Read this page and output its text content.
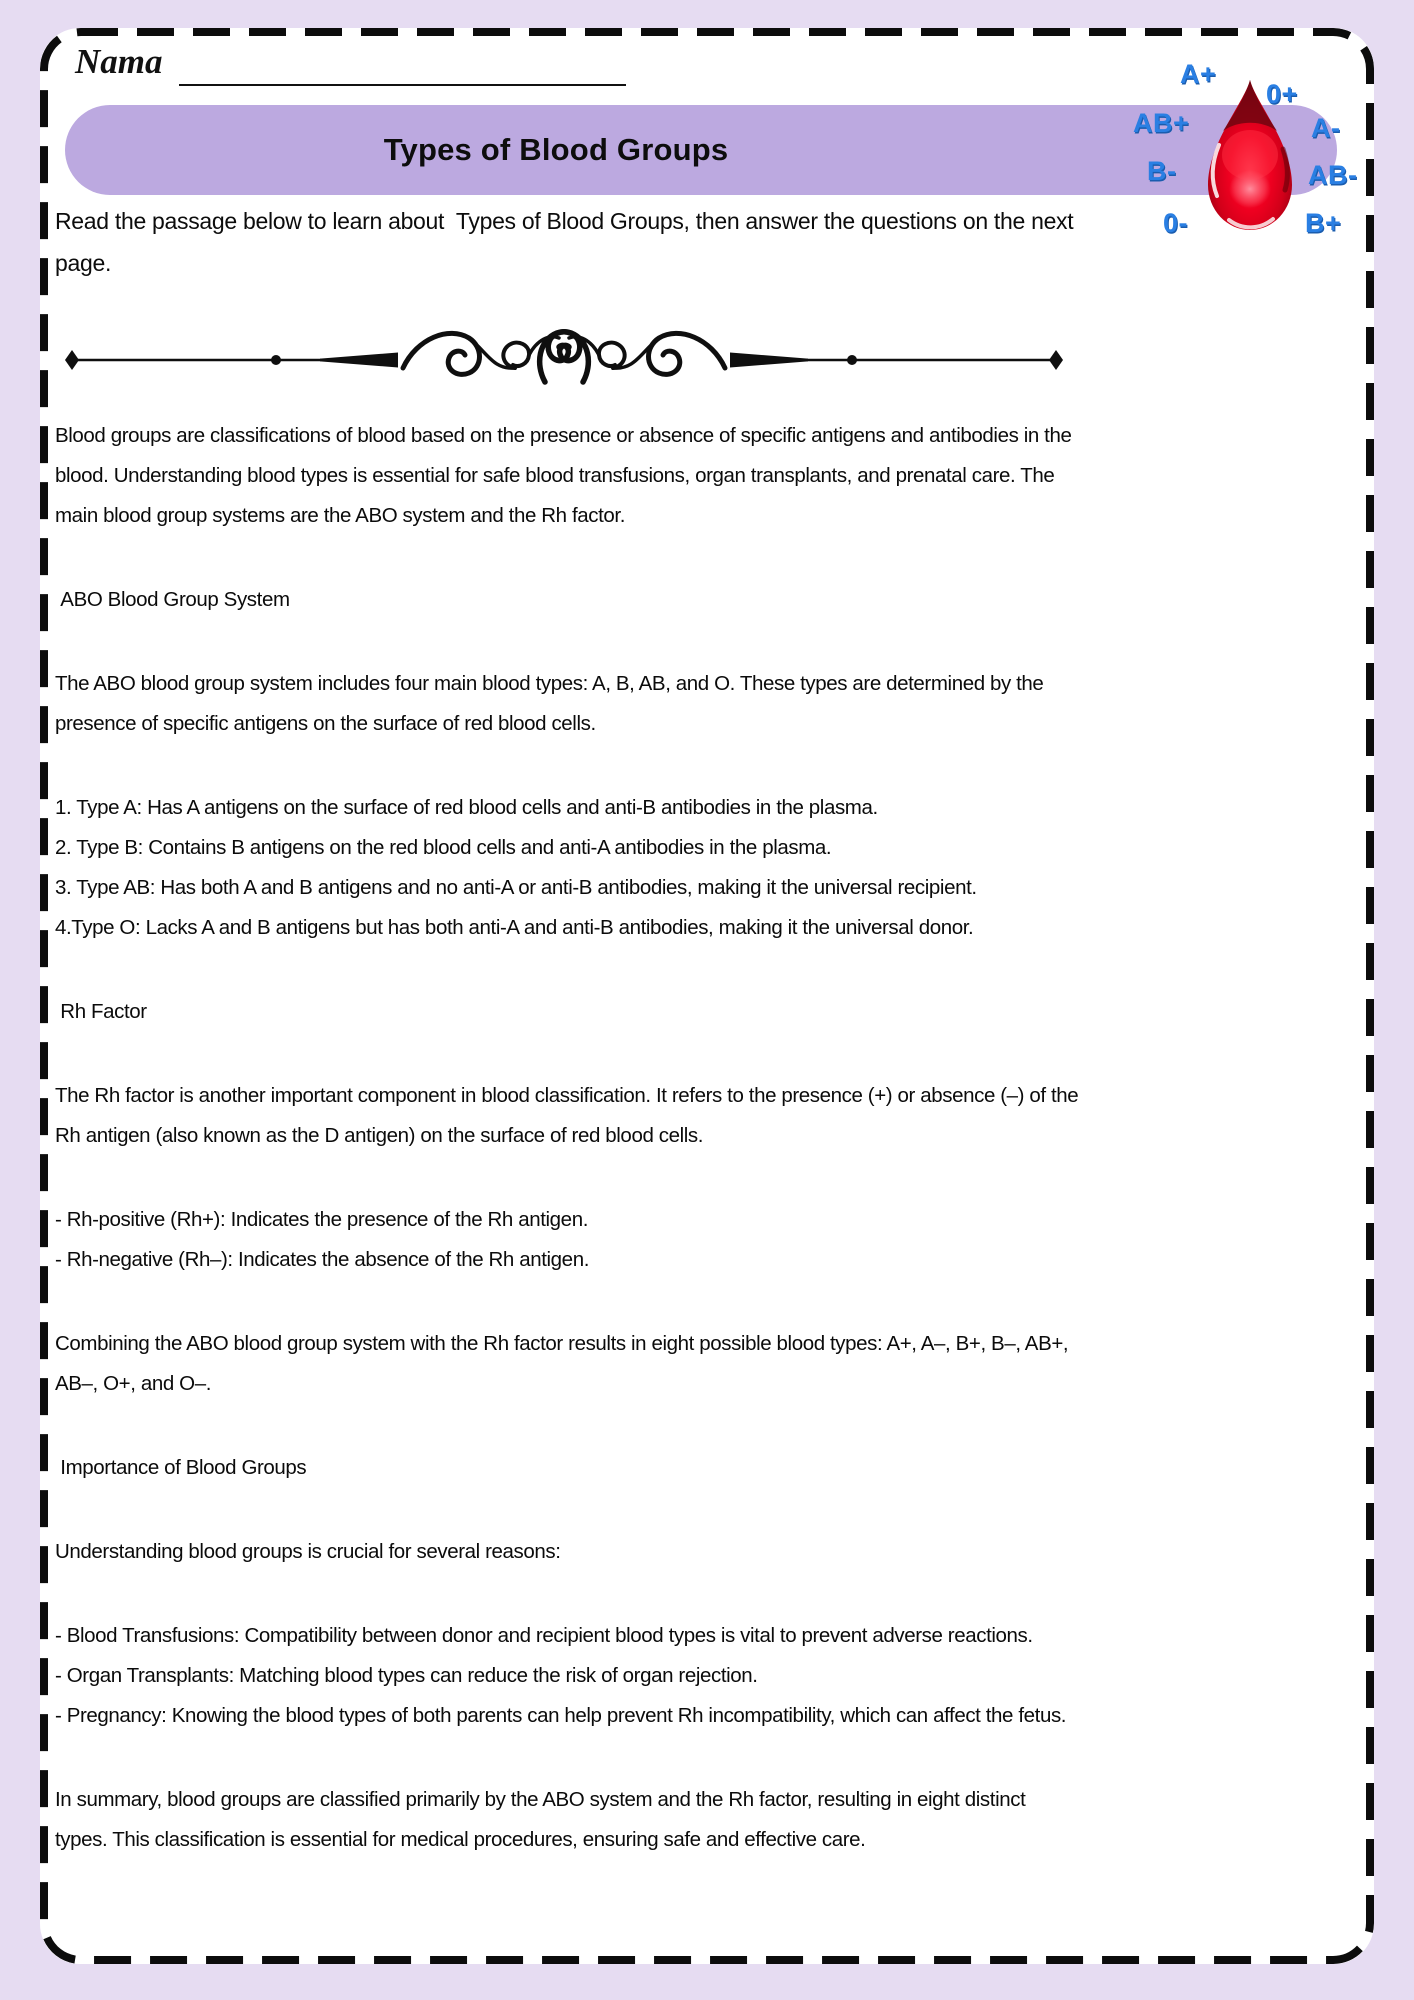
Nama
Types of Blood Groups
A+
0+
AB+	A-
B-	AB-
0-	B+

Read the passage below to learn about  Types of Blood Groups, then answer the questions on the next  page.

Blood groups are classifications of blood based on the presence or absence of specific antigens and antibodies in the blood. Understanding blood types is essential for safe blood transfusions, organ transplants, and prenatal care. The main blood group systems are the ABO system and the Rh factor.

ABO Blood Group System

The ABO blood group system includes four main blood types: A, B, AB, and O. These types are determined by the presence of specific antigens on the surface of red blood cells.

1. Type A: Has A antigens on the surface of red blood cells and anti-B antibodies in the plasma.
2. Type B: Contains B antigens on the red blood cells and anti-A antibodies in the plasma.
3. Type AB: Has both A and B antigens and no anti-A or anti-B antibodies, making it the universal recipient.
4.Type O: Lacks A and B antigens but has both anti-A and anti-B antibodies, making it the universal donor.

Rh Factor

The Rh factor is another important component in blood classification. It refers to the presence (+) or absence (–) of the Rh antigen (also known as the D antigen) on the surface of red blood cells.

- Rh-positive (Rh+): Indicates the presence of the Rh antigen.
- Rh-negative (Rh–): Indicates the absence of the Rh antigen.

Combining the ABO blood group system with the Rh factor results in eight possible blood types: A+, A–, B+, B–, AB+, AB–, O+, and O–.

Importance of Blood Groups

Understanding blood groups is crucial for several reasons:

- Blood Transfusions: Compatibility between donor and recipient blood types is vital to prevent adverse reactions.
- Organ Transplants: Matching blood types can reduce the risk of organ rejection.
- Pregnancy: Knowing the blood types of both parents can help prevent Rh incompatibility, which can affect the fetus.

In summary, blood groups are classified primarily by the ABO system and the Rh factor, resulting in eight distinct types. This classification is essential for medical procedures, ensuring safe and effective care.
